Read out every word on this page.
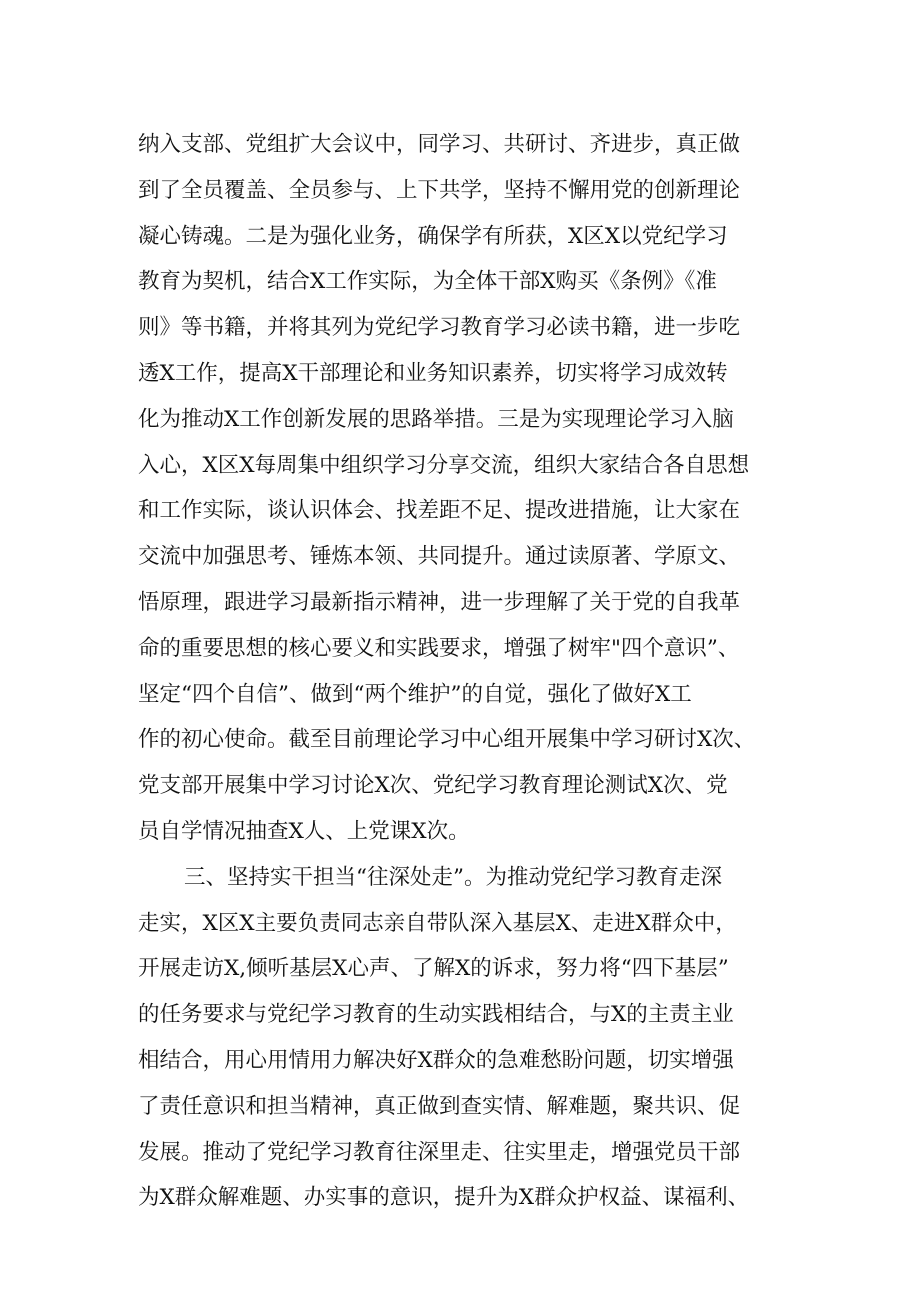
纳入支部、党组扩大会议中，同学习、共研讨、齐进步，真正做
到了全员覆盖、全员参与、上下共学，坚持不懈用党的创新理论
凝心铸魂。二是为强化业务，确保学有所获，X区X以党纪学习
教育为契机，结合X工作实际，为全体干部X购买《条例》《准
则》等书籍，并将其列为党纪学习教育学习必读书籍，进一步吃
透X工作，提高X干部理论和业务知识素养，切实将学习成效转
化为推动X工作创新发展的思路举措。三是为实现理论学习入脑
入心，X区X每周集中组织学习分享交流，组织大家结合各自思想
和工作实际，谈认识体会、找差距不足、提改进措施，让大家在
交流中加强思考、锤炼本领、共同提升。通过读原著、学原文、
悟原理，跟进学习最新指示精神，进一步理解了关于党的自我革
命的重要思想的核心要义和实践要求，增强了树牢"四个意识”、
坚定“四个自信”、做到“两个维护”的自觉，强化了做好X工
作的初心使命。截至目前理论学习中心组开展集中学习研讨X次、
党支部开展集中学习讨论X次、党纪学习教育理论测试X次、党
员自学情况抽查X人、上党课X次。
三、坚持实干担当“往深处走”。为推动党纪学习教育走深
走实，X区X主要负责同志亲自带队深入基层X、走进X群众中，
开展走访X,倾听基层X心声、了解X的诉求，努力将“四下基层”
的任务要求与党纪学习教育的生动实践相结合，与X的主责主业
相结合，用心用情用力解决好X群众的急难愁盼问题，切实增强
了责任意识和担当精神，真正做到查实情、解难题，聚共识、促
发展。推动了党纪学习教育往深里走、往实里走，增强党员干部
为X群众解难题、办实事的意识，提升为X群众护权益、谋福利、
